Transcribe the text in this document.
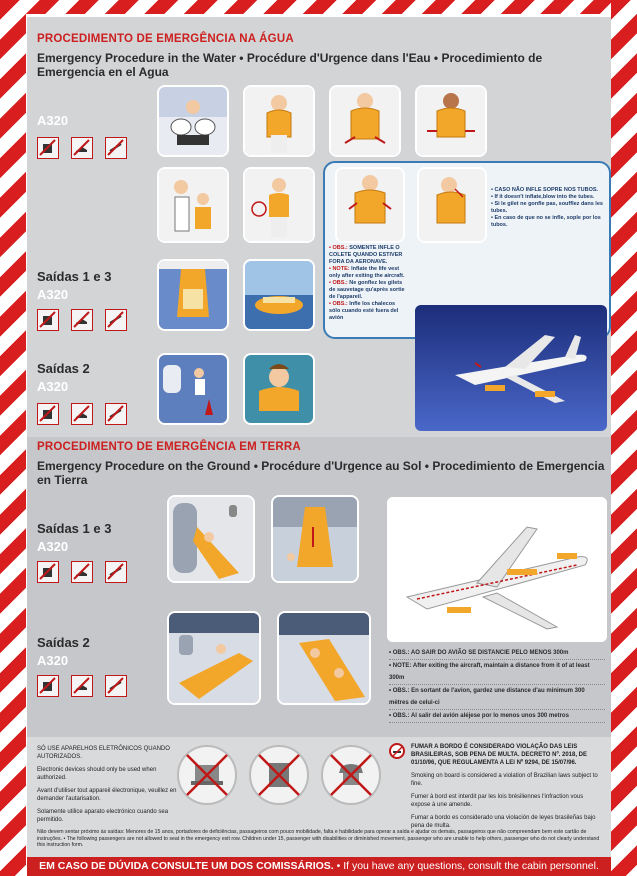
PROCEDIMENTO DE EMERGÊNCIA NA ÁGUA
Emergency Procedure in the Water • Procédure d'Urgence dans l'Eau • Procedimiento de Emergencia en el Agua
A320
• CASO NÃO INFLE SOPRE NOS TUBOS.
• If it doesn't inflate,blow into the tubes.
• Si le gilet ne gonfle pas, soufflez dans les tubes.
• En caso de que no se infle, sople por los tubos.
• OBS.: SOMENTE INFLE O COLETE QUANDO ESTIVER FORA DA AERONAVE.
• NOTE: Inflate the life vest only after exiting the aircraft.
• OBS.: Ne gonflez les gilets de sauvetage qu'après sortie de l'appareil.
• OBS.: Infle los chalecos sólo cuando esté fuera del avión
Saídas 1 e 3
A320
Saídas 2
A320
PROCEDIMENTO DE EMERGÊNCIA EM TERRA
Emergency Procedure on the Ground • Procédure d'Urgence au Sol • Procedimiento de Emergencia en Tierra
Saídas 1 e 3
A320
Saídas 2
A320	• OBS.: AO SAIR DO AVIÃO SE DISTANCIE PELO MENOS 300m
• NOTE: After exiting the aircraft, maintain a distance from it of at least 300m
• OBS.: En sortant de l'avion, gardez une distance d'au minimum 300 mètres de celui-ci
• OBS.: Al salir del avión aléjese por lo menos unos 300 metros

SÓ USE APARELHOS ELETRÔNICOS QUANDO AUTORIZADOS.

Electronic devices should only be used when authorized.

Avant d'utiliser tout appareil électronique, veuillez en demander l'autarisation.

Solamente utilice aparato electrónico cuando sea permitido.

FUMAR A BORDO É CONSIDERADO VIOLAÇÃO DAS LEIS BRASILEIRAS, SOB PENA DE MULTA. DECRETO Nº. 2018, DE 01/10/96, QUE REGULAMENTA A LEI Nº 9294, DE 15/07/96.

Smoking on board is considered a violation of Brazilian laws subject to fine.

Fumer à bord est interdit par les lois brésiliennes l'infraction vous expose à une amende.

Fumar a bordo es considerado una violación de leyes brasileñas bajo pena de multa.

Não devem sentar próximo às saídas: Menores de 15 anos, portadores de deficiências, passageiros com pouco mobilidade, falta e habilidade para operar a saída e ajudar os demais, passageiros que não compreendam bem este cartão de instruções. • The following passengers are not allowed to seat in the emergency exit row. Children under 15, passenger with disabilities or diminished movement, passenger who are unable to help others, passenger who do not clearly understand this instruction form.
EM CASO DE DÚVIDA CONSULTE UM DOS COMISSÁRIOS. • If you have any questions, consult the cabin personnel.
